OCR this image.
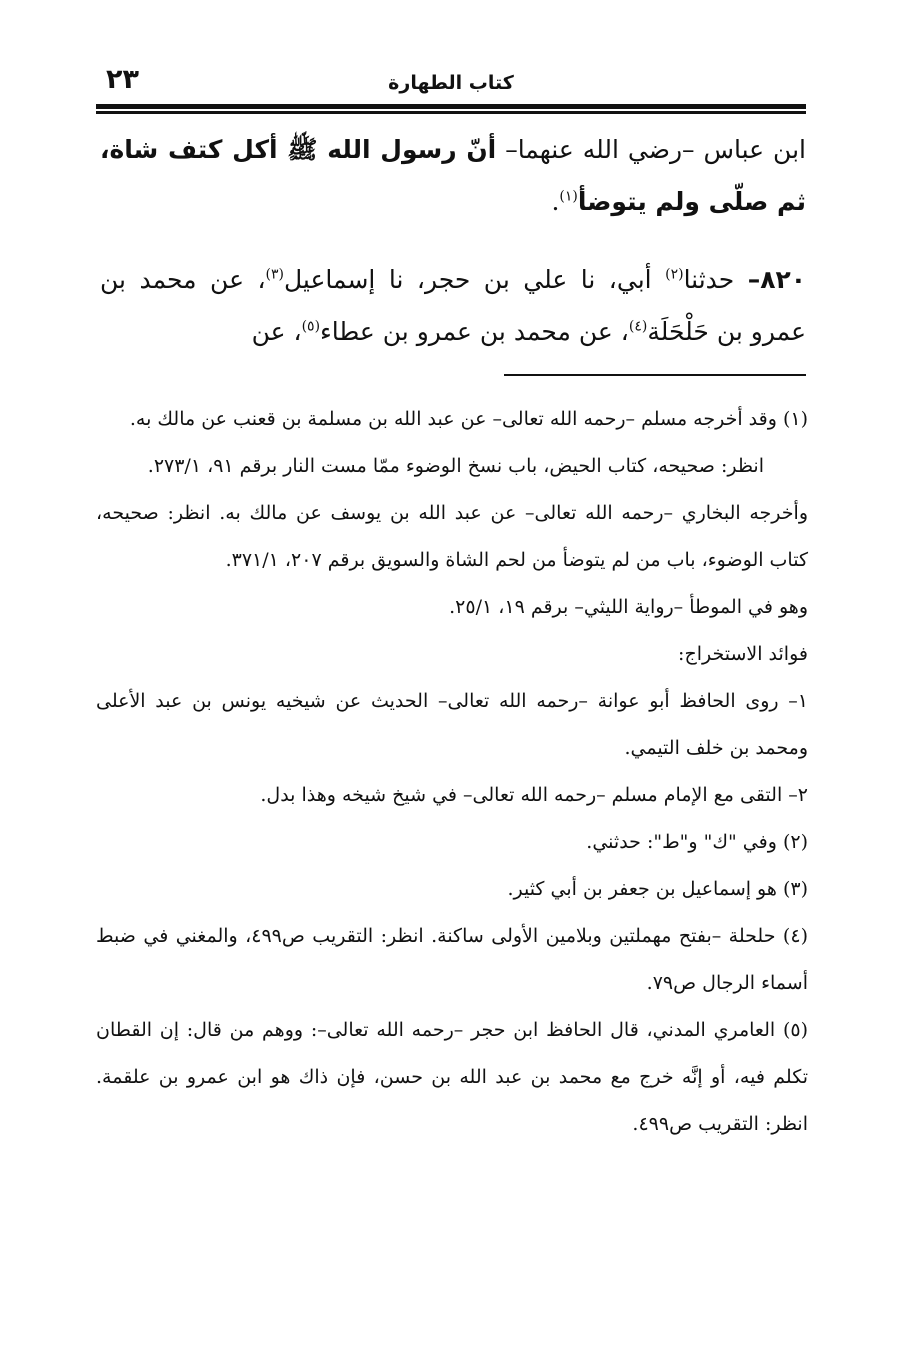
٢٣	كتاب الطهارة

ابن عباس –رضي الله عنهما– أنّ رسول الله ﷺ أكل كتف شاة، ثم صلّى ولم يتوضأ$^{(١)}$.

٨٢٠– حدثنا$^{(٢)}$ أبي، نا علي بن حجر، نا إسماعيل$^{(٣)}$، عن محمد بن عمرو بن حَلْحَلَة$^{(٤)}$، عن محمد بن عمرو بن عطاء$^{(٥)}$، عن

(١) وقد أخرجه مسلم –رحمه الله تعالى– عن عبد الله بن مسلمة بن قعنب عن مالك به.

انظر: صحيحه، كتاب الحيض، باب نسخ الوضوء ممّا مست النار برقم ٩١، ٢٧٣/١.

وأخرجه البخاري –رحمه الله تعالى– عن عبد الله بن يوسف عن مالك به. انظر: صحيحه، كتاب الوضوء، باب من لم يتوضأ من لحم الشاة والسويق برقم ٢٠٧، ٣٧١/١.

وهو في الموطأ –رواية الليثي– برقم ١٩، ٢٥/١.

فوائد الاستخراج:

١– روى الحافظ أبو عوانة –رحمه الله تعالى– الحديث عن شيخيه يونس بن عبد الأعلى ومحمد بن خلف التيمي.

٢– التقى مع الإمام مسلم –رحمه الله تعالى– في شيخ شيخه وهذا بدل.

(٢) وفي "ك" و"ط": حدثني.

(٣) هو إسماعيل بن جعفر بن أبي كثير.

(٤) حلحلة –بفتح مهملتين وبلامين الأولى ساكنة. انظر: التقريب ص٤٩٩، والمغني في ضبط أسماء الرجال ص٧٩.

(٥) العامري المدني، قال الحافظ ابن حجر –رحمه الله تعالى–: ووهم من قال: إن القطان تكلم فيه، أو إنَّه خرج مع محمد بن عبد الله بن حسن، فإن ذاك هو ابن عمرو بن علقمة. انظر: التقريب ص٤٩٩.
